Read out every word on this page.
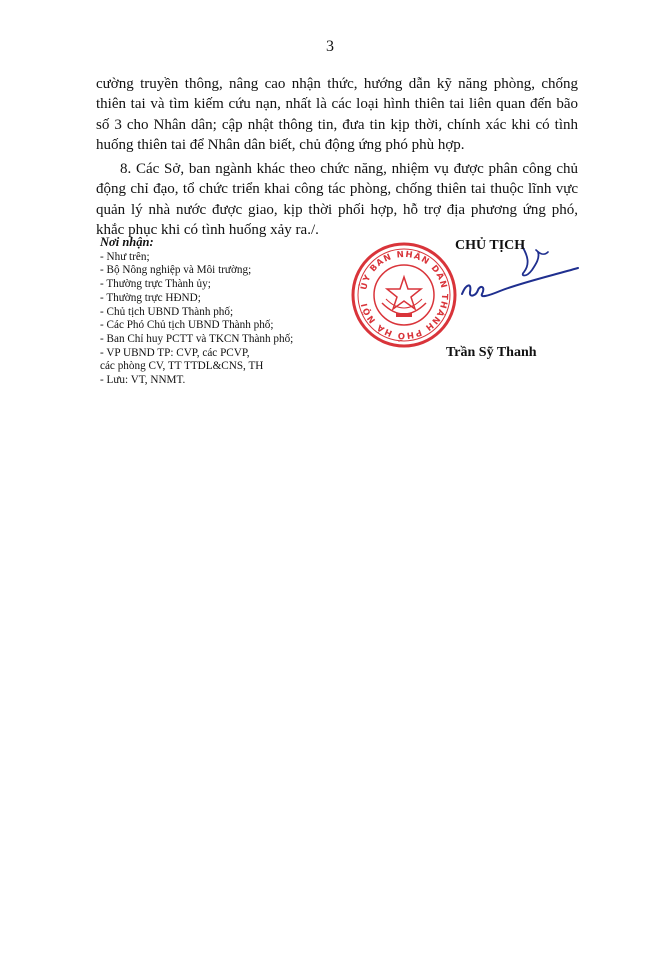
3

cường truyền thông, nâng cao nhận thức, hướng dẫn kỹ năng phòng, chống thiên tai và tìm kiếm cứu nạn, nhất là các loại hình thiên tai liên quan đến bão số 3 cho Nhân dân; cập nhật thông tin, đưa tin kịp thời, chính xác khi có tình huống thiên tai để Nhân dân biết, chủ động ứng phó phù hợp.

8. Các Sở, ban ngành khác theo chức năng, nhiệm vụ được phân công chủ động chỉ đạo, tổ chức triển khai công tác phòng, chống thiên tai thuộc lĩnh vực quản lý nhà nước được giao, kịp thời phối hợp, hỗ trợ địa phương ứng phó, khắc phục khi có tình huống xảy ra./.

Nơi nhận:
- Như trên;
- Bộ Nông nghiệp và Môi trường;
- Thường trực Thành ủy;
- Thường trực HĐND;
- Chủ tịch UBND Thành phố;
- Các Phó Chủ tịch UBND Thành phố;
- Ban Chỉ huy PCTT và TKCN Thành phố;
- VP UBND TP: CVP, các PCVP,
các phòng CV, TT TTDL&CNS, TH
- Lưu: VT, NNMT.
ỦY BAN NHÂN DÂN THÀNH PHỐ HÀ NỘI
CHỦ TỊCH
Trần Sỹ Thanh
